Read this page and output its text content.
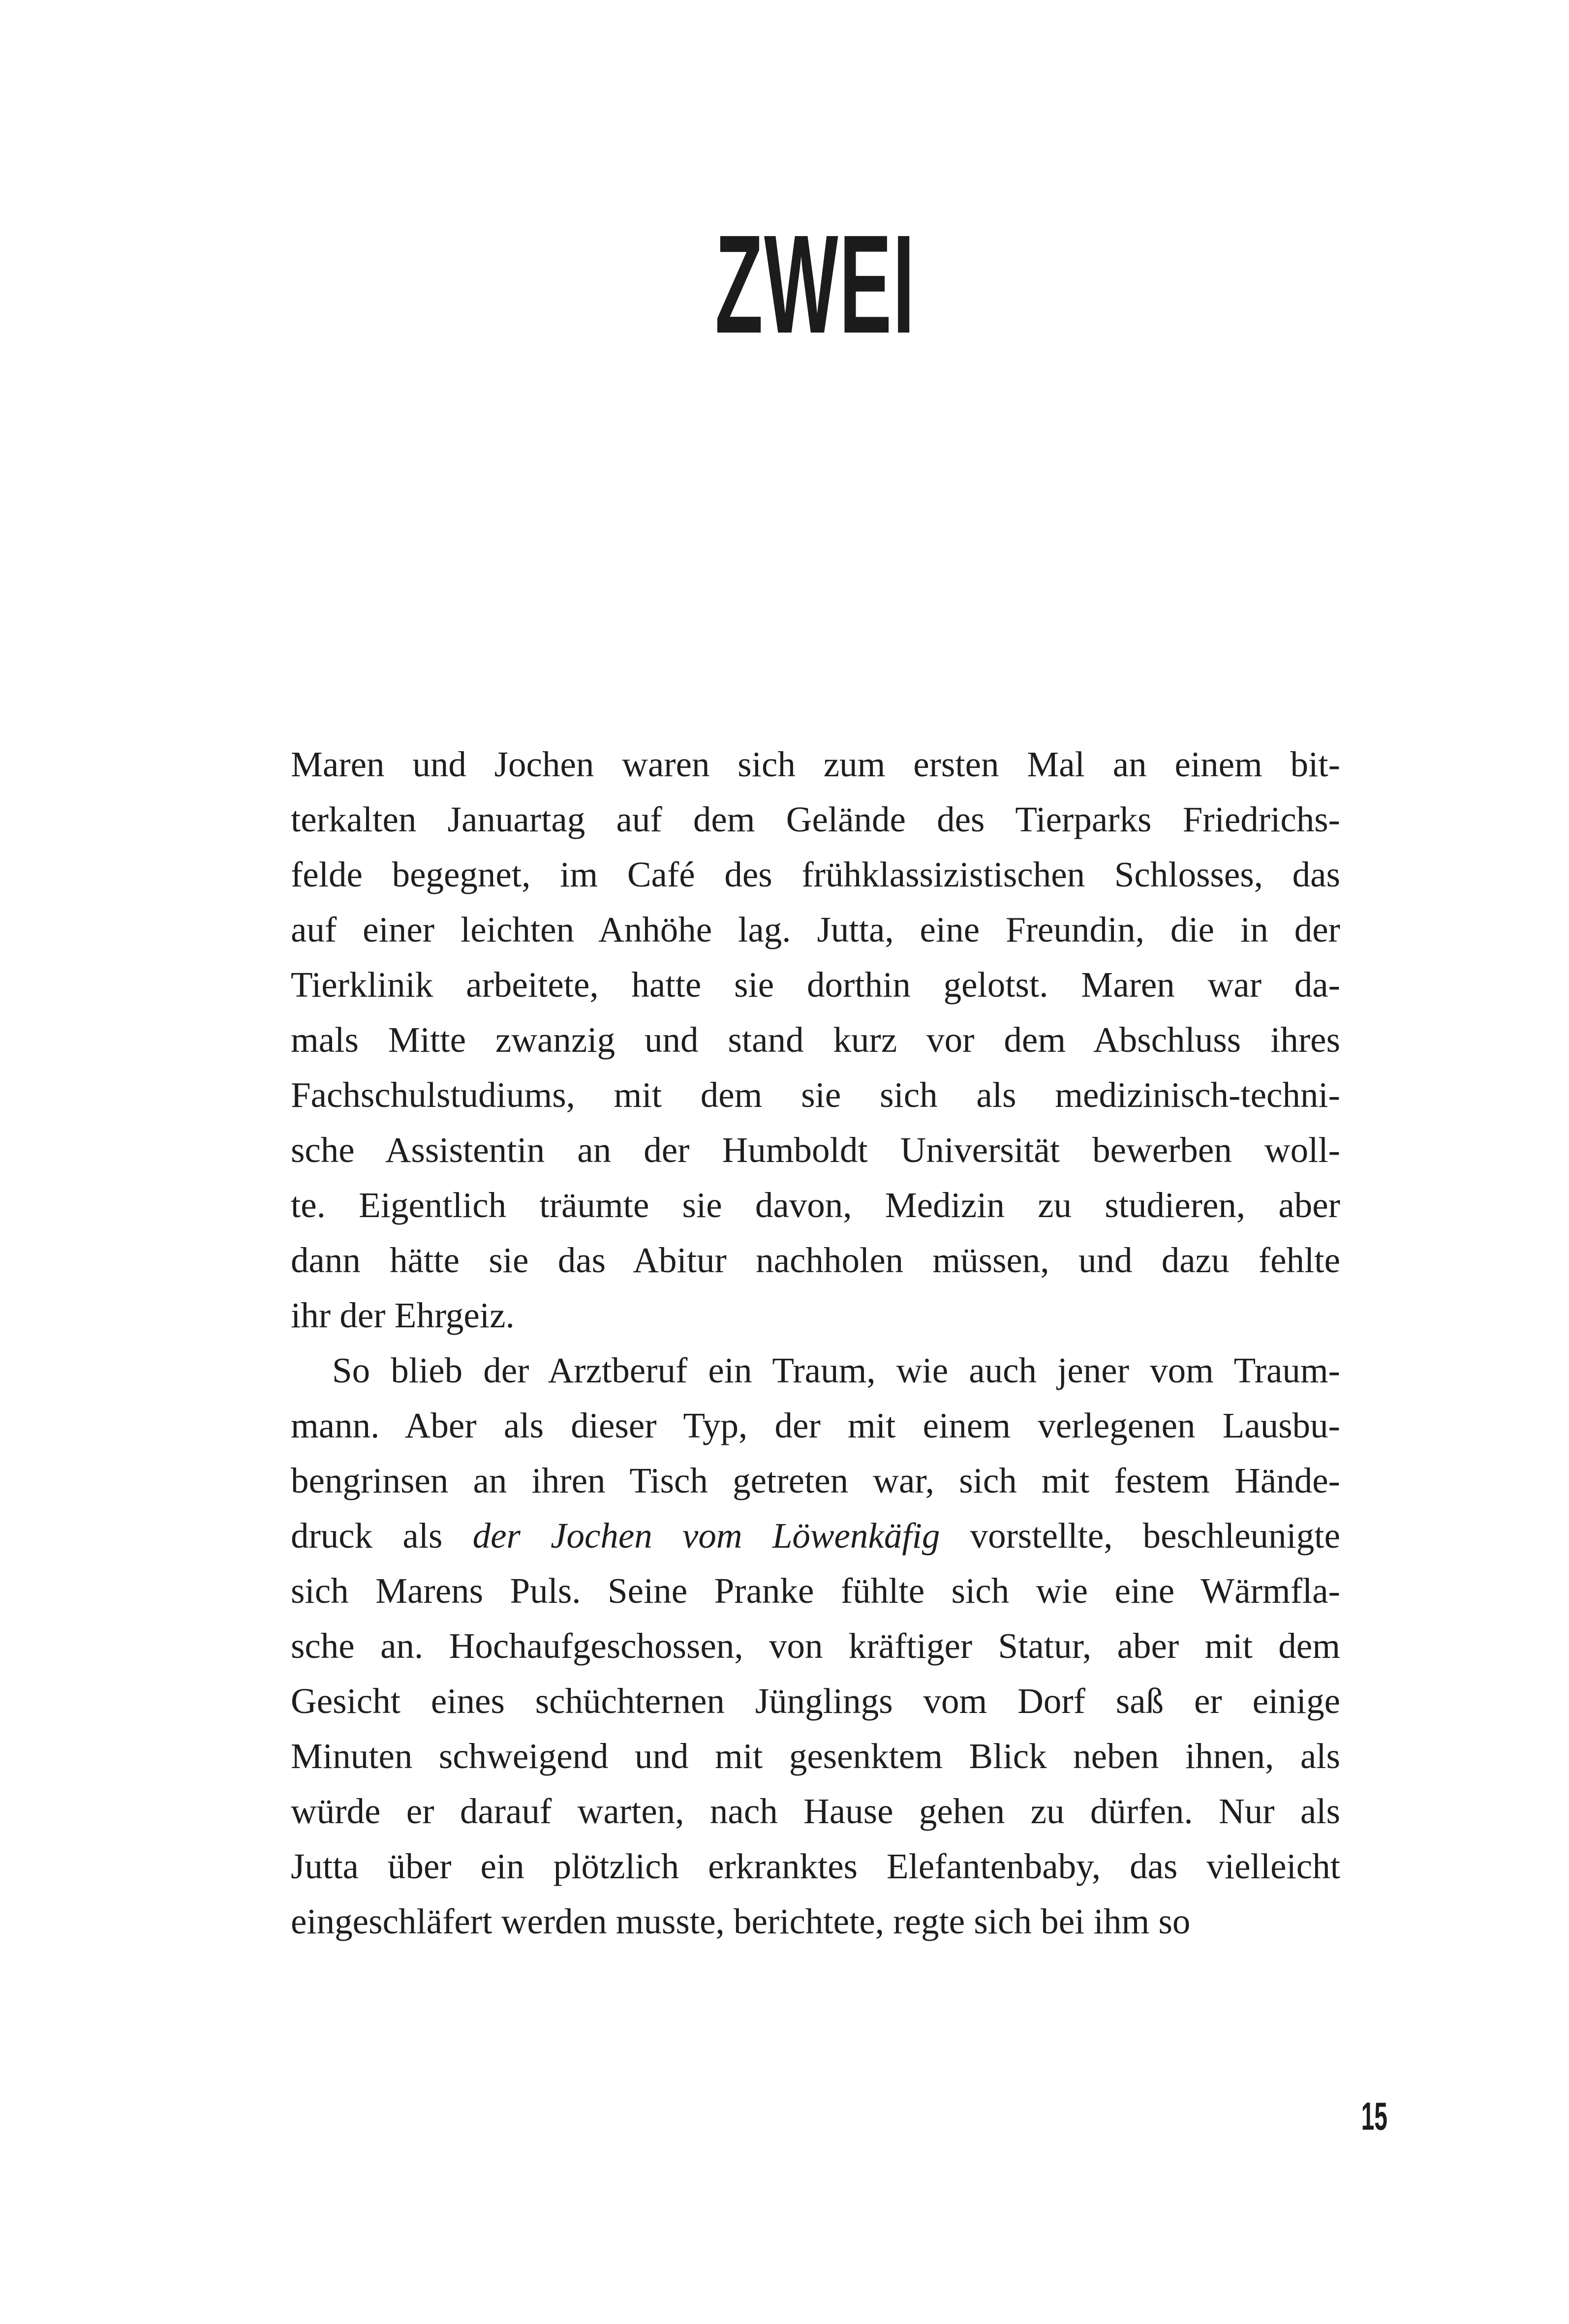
ZWEI
Maren und Jochen waren sich zum ersten Mal an einem bit-
terkalten Januartag auf dem Gelände des Tierparks Friedrichs-
felde begegnet, im Café des frühklassizistischen Schlosses, das
auf einer leichten Anhöhe lag. Jutta, eine Freundin, die in der
Tierklinik arbeitete, hatte sie dorthin gelotst. Maren war da-
mals Mitte zwanzig und stand kurz vor dem Abschluss ihres
Fachschulstudiums, mit dem sie sich als medizinisch-techni-
sche Assistentin an der Humboldt Universität bewerben woll-
te. Eigentlich träumte sie davon, Medizin zu studieren, aber
dann hätte sie das Abitur nachholen müssen, und dazu fehlte
ihr der Ehrgeiz.
So blieb der Arztberuf ein Traum, wie auch jener vom Traum-
mann. Aber als dieser Typ, der mit einem verlegenen Lausbu-
bengrinsen an ihren Tisch getreten war, sich mit festem Hände-
druck als der Jochen vom Löwenkäfig vorstellte, beschleunigte
sich Marens Puls. Seine Pranke fühlte sich wie eine Wärmfla-
sche an. Hochaufgeschossen, von kräftiger Statur, aber mit dem
Gesicht eines schüchternen Jünglings vom Dorf saß er einige
Minuten schweigend und mit gesenktem Blick neben ihnen, als
würde er darauf warten, nach Hause gehen zu dürfen. Nur als
Jutta über ein plötzlich erkranktes Elefantenbaby, das vielleicht
eingeschläfert werden musste, berichtete, regte sich bei ihm so
15
